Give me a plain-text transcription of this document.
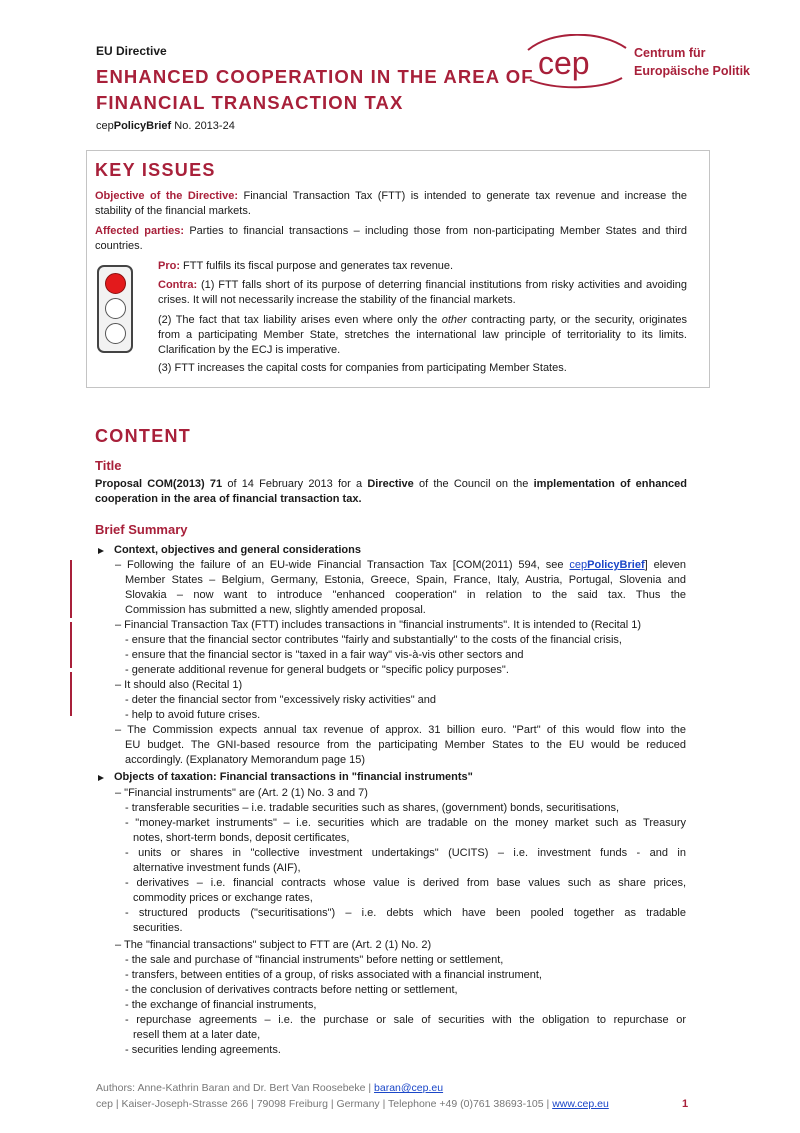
EU Directive
ENHANCED COOPERATION IN THE AREA OF FINANCIAL TRANSACTION TAX
cepPolicyBrief No. 2013-24
cep	Centrum für
Europäische Politik
KEY ISSUES
Objective of the Directive: Financial Transaction Tax (FTT) is intended to generate tax revenue and increase the stability of the financial markets.
Affected parties: Parties to financial transactions – including those from non-participating Member States and third countries.
Pro: FTT fulfils its fiscal purpose and generates tax revenue.
Contra: (1) FTT falls short of its purpose of deterring financial institutions from risky activities and avoiding crises. It will not necessarily increase the stability of the financial markets.
(2) The fact that tax liability arises even where only the other contracting party, or the security, originates from a participating Member State, stretches the international law principle of territoriality to its limits. Clarification by the ECJ is imperative.
(3) FTT increases the capital costs for companies from participating Member States.
CONTENT
Title
Proposal COM(2013) 71 of 14 February 2013 for a Directive of the Council on the implementation of enhanced cooperation in the area of financial transaction tax.
Brief Summary
Context, objectives and general considerations
– Following the failure of an EU-wide Financial Transaction Tax [COM(2011) 594, see cepPolicyBrief] eleven
Member States – Belgium, Germany, Estonia, Greece, Spain, France, Italy, Austria, Portugal, Slovenia and
Slovakia – now want to introduce "enhanced cooperation" in relation to the said tax. Thus the
Commission has submitted a new, slightly amended proposal.
– Financial Transaction Tax (FTT) includes transactions in "financial instruments". It is intended to (Recital 1)
- ensure that the financial sector contributes "fairly and substantially" to the costs of the financial crisis,
- ensure that the financial sector is "taxed in a fair way" vis-à-vis other sectors and
- generate additional revenue for general budgets or "specific policy purposes".
– It should also (Recital 1)
- deter the financial sector from "excessively risky activities" and
- help to avoid future crises.
– The Commission expects annual tax revenue of approx. 31 billion euro. "Part" of this would flow into the
EU budget. The GNI-based resource from the participating Member States to the EU would be reduced
accordingly. (Explanatory Memorandum page 15)
Objects of taxation: Financial transactions in "financial instruments"
– "Financial instruments" are (Art. 2 (1) No. 3 and 7)
- transferable securities – i.e. tradable securities such as shares, (government) bonds, securitisations,
- "money-market instruments" – i.e. securities which are tradable on the money market such as Treasury
notes, short-term bonds, deposit certificates,
- units or shares in "collective investment undertakings" (UCITS) – i.e. investment funds - and in
alternative investment funds (AIF),
- derivatives – i.e. financial contracts whose value is derived from base values such as share prices,
commodity prices or exchange rates,
- structured products ("securitisations") – i.e. debts which have been pooled together as tradable
securities.
– The "financial transactions" subject to FTT are (Art. 2 (1) No. 2)
- the sale and purchase of "financial instruments" before netting or settlement,
- transfers, between entities of a group, of risks associated with a financial instrument,
- the conclusion of derivatives contracts before netting or settlement,
- the exchange of financial instruments,
- repurchase agreements – i.e. the purchase or sale of securities with the obligation to repurchase or
resell them at a later date,
- securities lending agreements.
Authors: Anne-Kathrin Baran and Dr. Bert Van Roosebeke | baran@cep.eu
cep | Kaiser-Joseph-Strasse 266 | 79098 Freiburg | Germany | Telephone +49 (0)761 38693-105 | www.cep.eu	1
